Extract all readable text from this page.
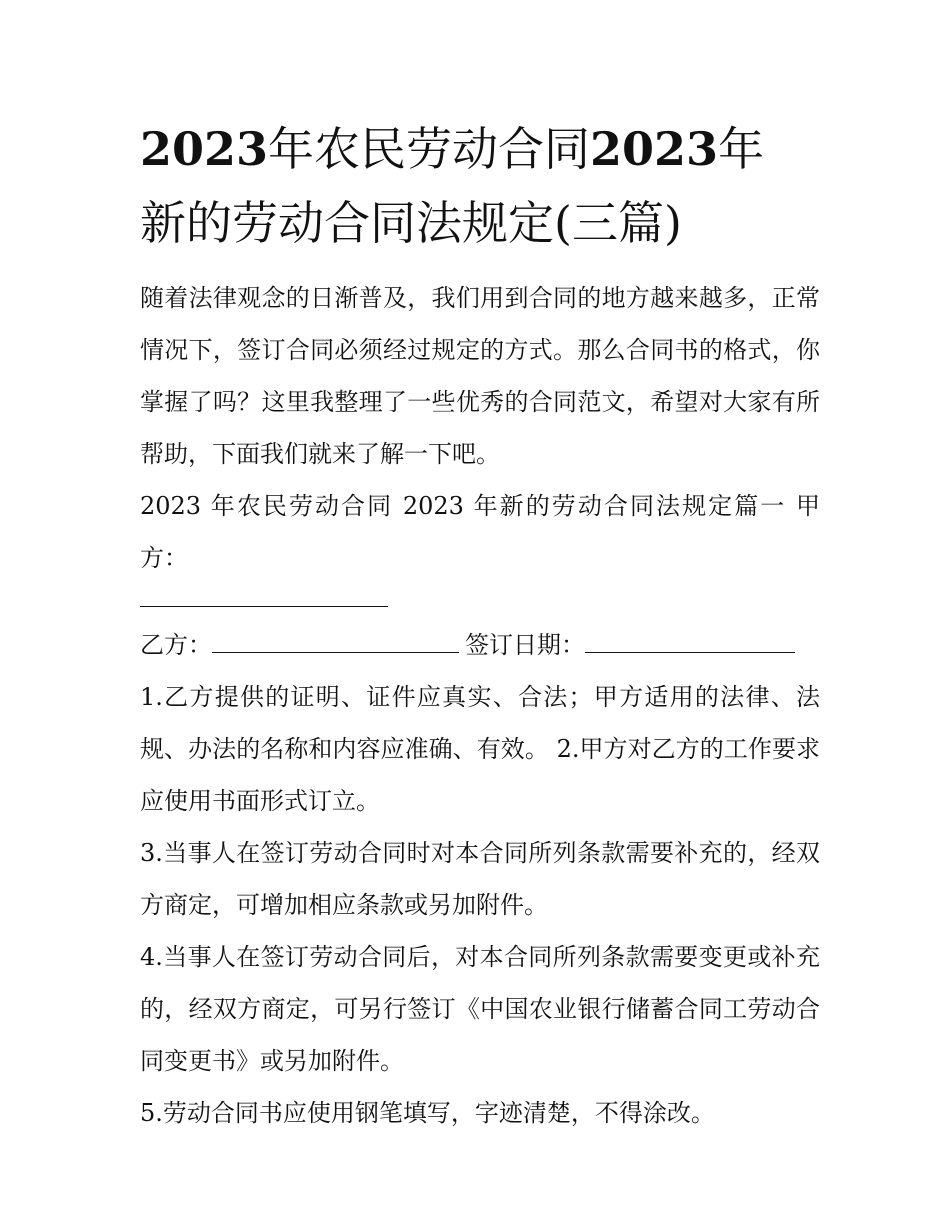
2023年农民劳动合同2023年
新的劳动合同法规定(三篇)

随着法律观念的日渐普及，我们用到合同的地方越来越多，正常情况下，签订合同必须经过规定的方式。那么合同书的格式，你掌握了吗？这里我整理了一些优秀的合同范文，希望对大家有所帮助，下面我们就来了解一下吧。

2023 年农民劳动合同 2023 年新的劳动合同法规定篇一 甲方：

乙方：	签订日期：

1.乙方提供的证明、证件应真实、合法；甲方适用的法律、法规、办法的名称和内容应准确、有效。 2.甲方对乙方的工作要求应使用书面形式订立。

3.当事人在签订劳动合同时对本合同所列条款需要补充的，经双方商定，可增加相应条款或另加附件。

4.当事人在签订劳动合同后，对本合同所列条款需要变更或补充的，经双方商定，可另行签订《中国农业银行储蓄合同工劳动合同变更书》或另加附件。

5.劳动合同书应使用钢笔填写，字迹清楚，不得涂改。
